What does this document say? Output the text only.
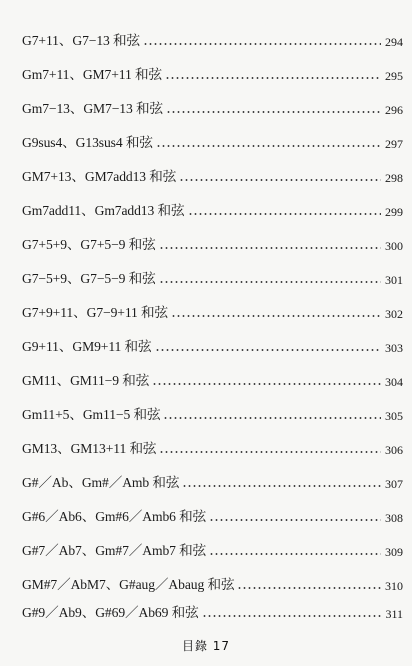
G7+11、G7−13 和弦	294
Gm7+11、GM7+11 和弦	295
Gm7−13、GM7−13 和弦	296
G9sus4、G13sus4 和弦	297
GM7+13、GM7add13 和弦	298
Gm7add11、Gm7add13 和弦	299
G7+5+9、G7+5−9 和弦	300
G7−5+9、G7−5−9 和弦	301
G7+9+11、G7−9+11 和弦	302
G9+11、GM9+11 和弦	303
GM11、GM11−9 和弦	304
Gm11+5、Gm11−5 和弦	305
GM13、GM13+11 和弦	306
G#／Ab、Gm#／Amb 和弦	307
G#6／Ab6、Gm#6／Amb6 和弦	308
G#7／Ab7、Gm#7／Amb7 和弦	309
GM#7／AbM7、G#aug／Abaug 和弦	310
G#9／Ab9、G#69／Ab69 和弦	311
目錄 17
